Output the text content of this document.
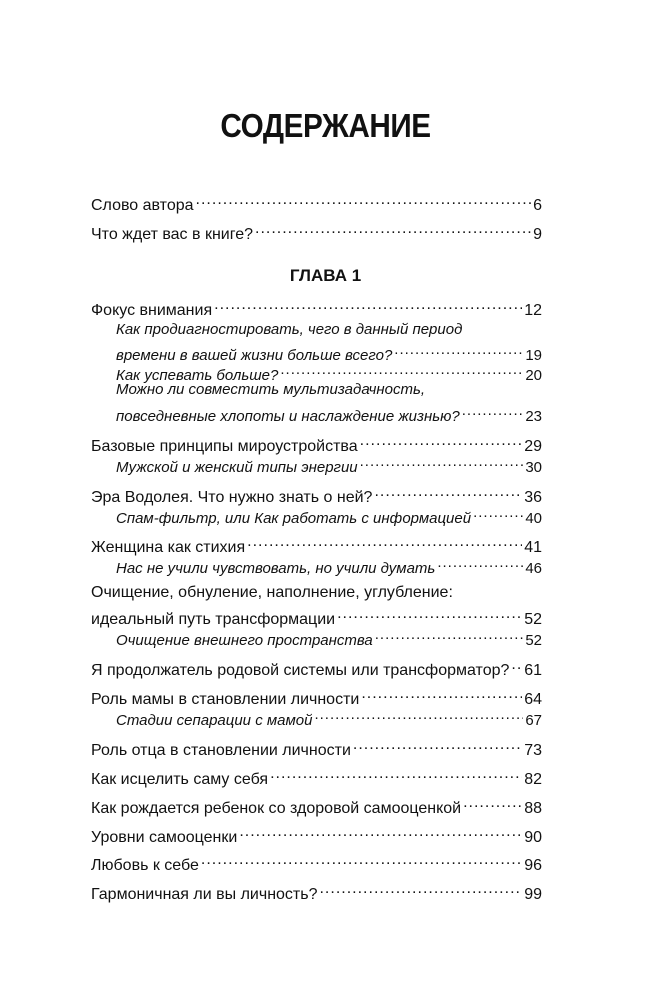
СОДЕРЖАНИЕ
Слово автора .....	6
Что ждет вас в книге? .....	9
ГЛАВА 1
Фокус внимания .....	12
Как продиагностировать, чего в данный период
времени в вашей жизни больше всего? .....	19
Как успевать больше? .....	20
Можно ли совместить мультизадачность,
повседневные хлопоты и наслаждение жизнью? .....	23
Базовые принципы мироустройства .....	29
Мужской и женский типы энергии .....	30
Эра Водолея. Что нужно знать о ней? .....	36
Спам-фильтр, или Как работать с информацией .....	40
Женщина как стихия .....	41
Нас не учили чувствовать, но учили думать .....	46
Очищение, обнуление, наполнение, углубление:
идеальный путь трансформации .....	52
Очищение внешнего пространства .....	52
Я продолжатель родовой системы или трансформатор? ..... 61
Роль мамы в становлении личности .....	64
Стадии сепарации с мамой .....	67
Роль отца в становлении личности .....	73
Как исцелить саму себя .....	82
Как рождается ребенок со здоровой самооценкой .....	88
Уровни самооценки .....	90
Любовь к себе .....	96
Гармоничная ли вы личность? .....	99
